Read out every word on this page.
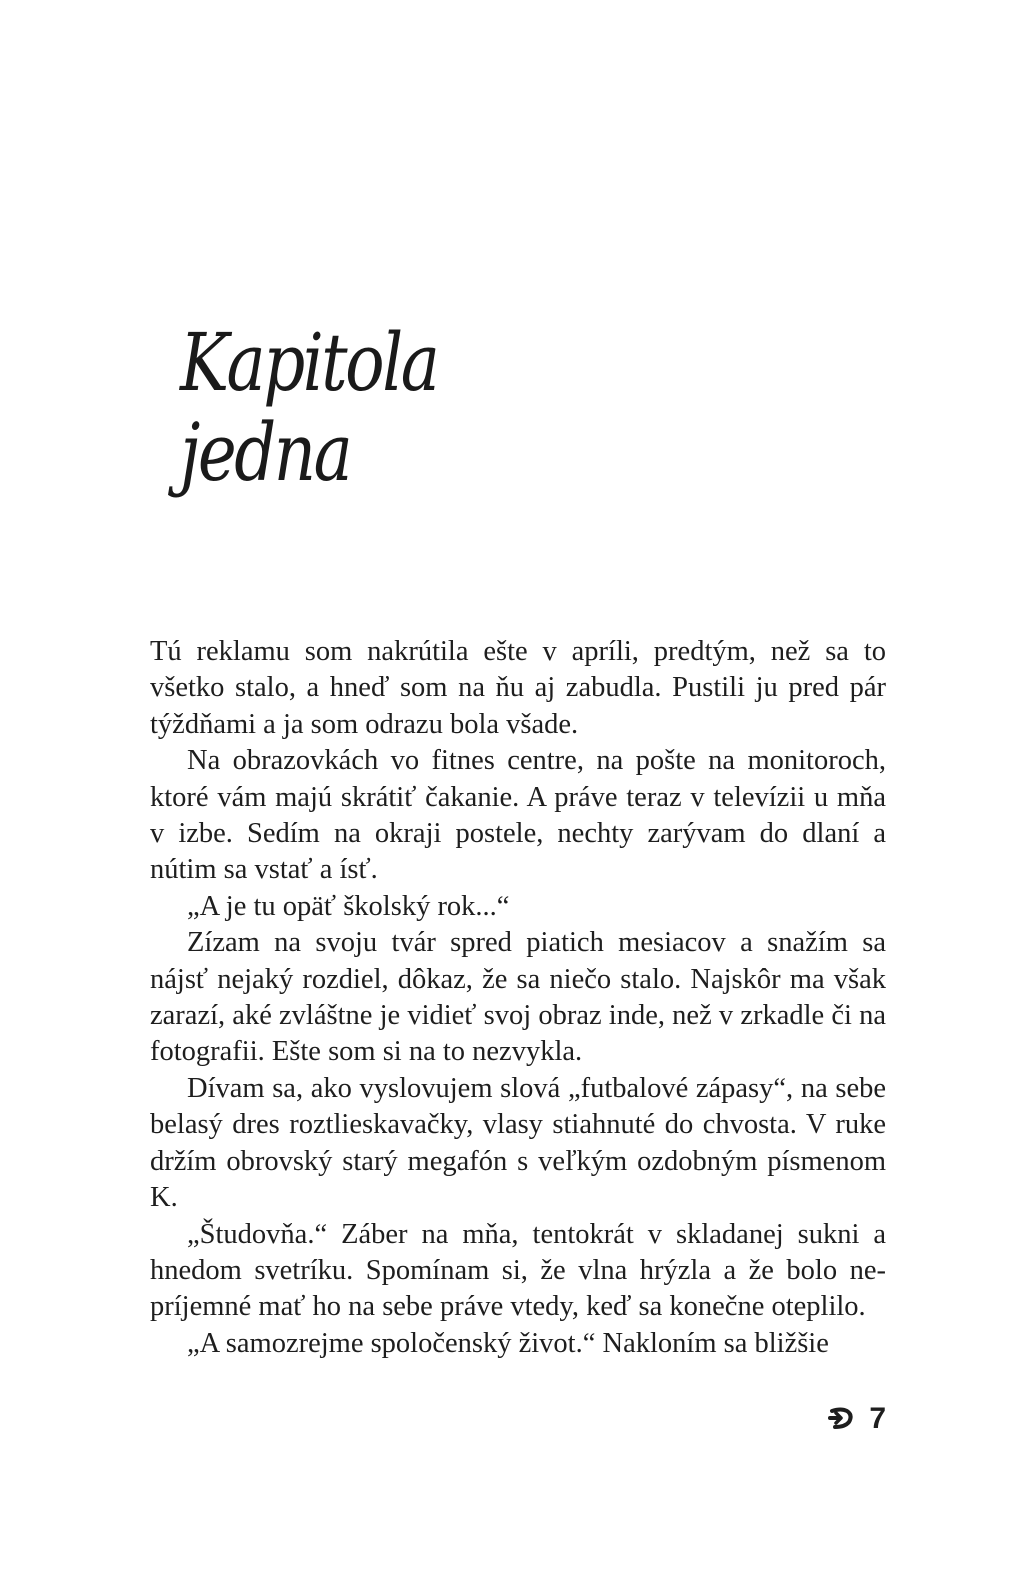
Kapitola
jedna

Tú reklamu som nakrútila ešte v apríli, predtým, než sa to všetko stalo, a hneď som na ňu aj zabudla. Pustili ju pred pár týždňami a ja som odrazu bola všade.

Na obrazovkách vo fitnes centre, na pošte na monitoroch, ktoré vám majú skrátiť čakanie. A práve teraz v televízii u mňa v izbe. Sedím na okraji postele, nechty zarývam do dlaní a nútim sa vstať a ísť.

„A je tu opäť školský rok...“

Zízam na svoju tvár spred piatich mesiacov a snažím sa nájsť nejaký rozdiel, dôkaz, že sa niečo stalo. Najskôr ma však zarazí, aké zvláštne je vidieť svoj obraz inde, než v zrkadle či na fotografii. Ešte som si na to nezvykla.

Dívam sa, ako vyslovujem slová „futbalové zápasy“, na sebe belasý dres roztlieskavačky, vlasy stiahnuté do chvosta. V ruke držím obrovský starý megafón s veľkým ozdobným písmenom K.

„Študovňa.“ Záber na mňa, tentokrát v skladanej sukni a hnedom svetríku. Spomínam si, že vlna hrýzla a že bolo nepríjemné mať ho na sebe práve vtedy, keď sa konečne oteplilo.

„A samozrejme spoločenský život.“ Nakloním sa bližšie

7
